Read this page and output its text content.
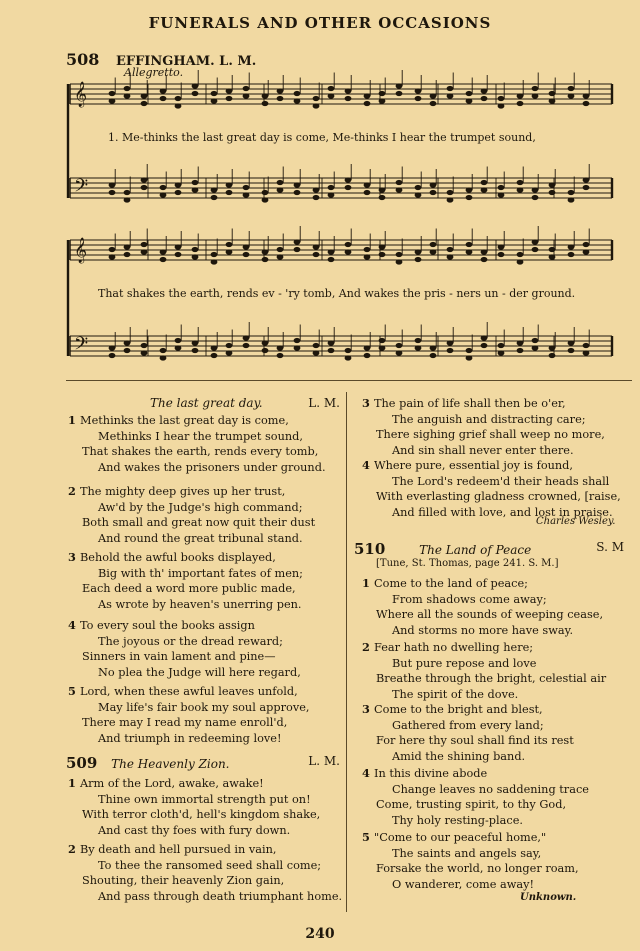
FUNERALS AND OTHER OCCASIONS
508 EFFINGHAM. L. M.
Allegretto.
𝄞
𝄢
𝄞
𝄢
1. Me-thinks the last great day is come, Me-thinks I hear the trumpet sound,
That shakes the earth, rends ev - 'ry tomb, And wakes the pris - ners un - der ground.
The last great day.	L. M.
1 Methinks the last great day is come,
Methinks I hear the trumpet sound,
That shakes the earth, rends every tomb,
And wakes the prisoners under ground.
2 The mighty deep gives up her trust,
Aw'd by the Judge's high command;
Both small and great now quit their dust
And round the great tribunal stand.
3 Behold the awful books displayed,
Big with th' important fates of men;
Each deed a word more public made,
As wrote by heaven's unerring pen.
4 To every soul the books assign
The joyous or the dread reward;
Sinners in vain lament and pine—
No plea the Judge will here regard,
5 Lord, when these awful leaves unfold,
May life's fair book my soul approve,
There may I read my name enroll'd,
And triumph in redeeming love!
509 The Heavenly Zion.	L. M.
1 Arm of the Lord, awake, awake!
Thine own immortal strength put on!
With terror cloth'd, hell's kingdom shake,
And cast thy foes with fury down.
2 By death and hell pursued in vain,
To thee the ransomed seed shall come;
Shouting, their heavenly Zion gain,
And pass through death triumphant home.
3 The pain of life shall then be o'er,
The anguish and distracting care;
There sighing grief shall weep no more,
And sin shall never enter there.
4 Where pure, essential joy is found,
The Lord's redeem'd their heads shall
With everlasting gladness crowned, [raise,
And filled with love, and lost in praise.
Charles Wesley.
510	The Land of Peace	S. M
[Tune, St. Thomas, page 241. S. M.]
1 Come to the land of peace;
From shadows come away;
Where all the sounds of weeping cease,
And storms no more have sway.
2 Fear hath no dwelling here;
But pure repose and love
Breathe through the bright, celestial air
The spirit of the dove.
3 Come to the bright and blest,
Gathered from every land;
For here thy soul shall find its rest
Amid the shining band.
4 In this divine abode
Change leaves no saddening trace
Come, trusting spirit, to thy God,
Thy holy resting-place.
5 "Come to our peaceful home,"
The saints and angels say,
Forsake the world, no longer roam,
O wanderer, come away!
Unknown.
240
